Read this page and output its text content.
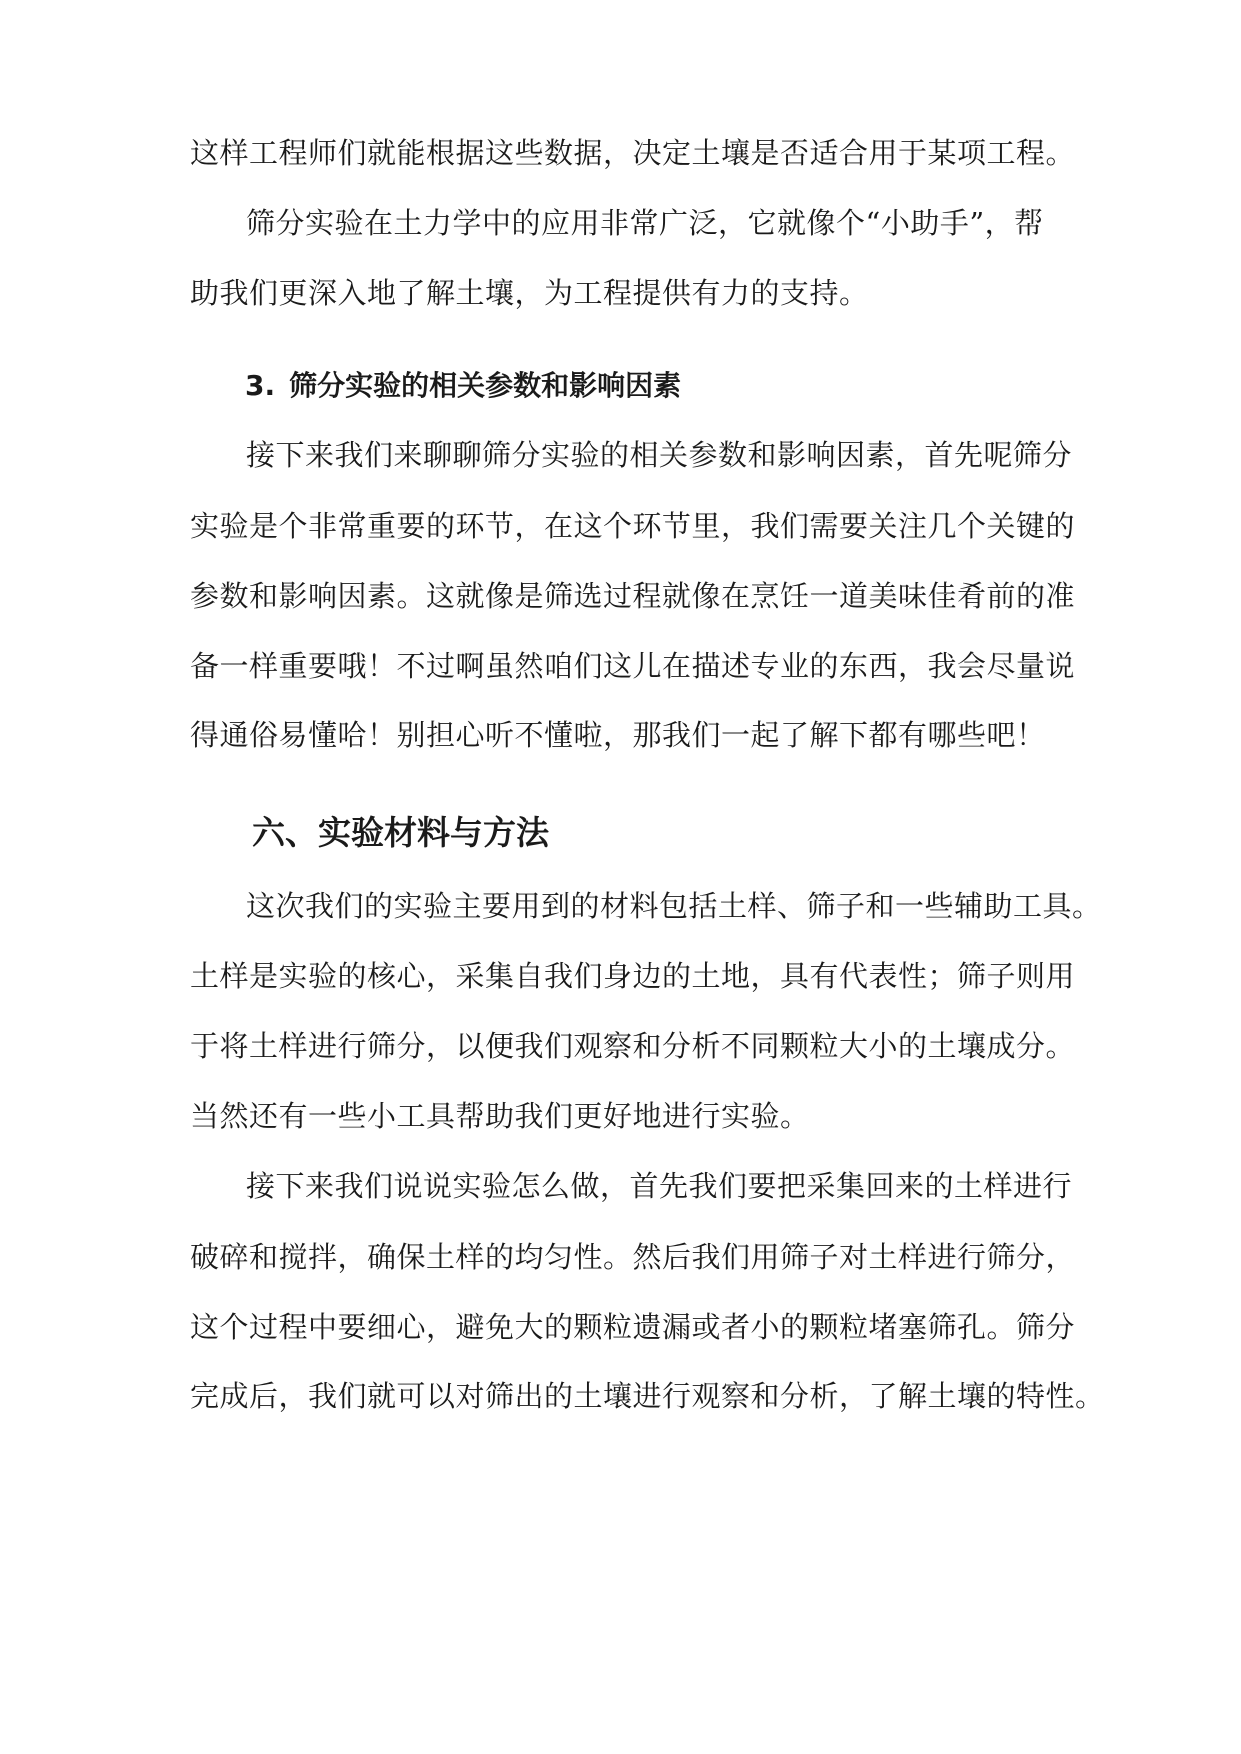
这样工程师们就能根据这些数据，决定土壤是否适合用于某项工程。
筛分实验在土力学中的应用非常广泛，它就像个“小助手”，帮
助我们更深入地了解土壤，为工程提供有力的支持。
3. 筛分实验的相关参数和影响因素
接下来我们来聊聊筛分实验的相关参数和影响因素，首先呢筛分
实验是个非常重要的环节，在这个环节里，我们需要关注几个关键的
参数和影响因素。这就像是筛选过程就像在烹饪一道美味佳肴前的准
备一样重要哦！不过啊虽然咱们这儿在描述专业的东西，我会尽量说
得通俗易懂哈！别担心听不懂啦，那我们一起了解下都有哪些吧！
六、实验材料与方法
这次我们的实验主要用到的材料包括土样、筛子和一些辅助工具。
土样是实验的核心，采集自我们身边的土地，具有代表性；筛子则用
于将土样进行筛分，以便我们观察和分析不同颗粒大小的土壤成分。
当然还有一些小工具帮助我们更好地进行实验。
接下来我们说说实验怎么做，首先我们要把采集回来的土样进行
破碎和搅拌，确保土样的均匀性。然后我们用筛子对土样进行筛分，
这个过程中要细心，避免大的颗粒遗漏或者小的颗粒堵塞筛孔。筛分
完成后，我们就可以对筛出的土壤进行观察和分析，了解土壤的特性。
